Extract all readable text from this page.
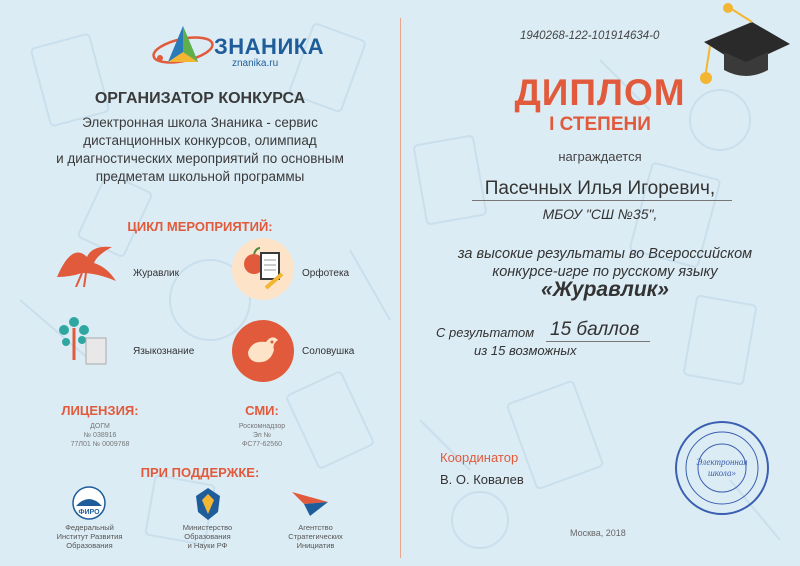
ЗНАНИКА
znanika.ru
ОРГАНИЗАТОР КОНКУРСА
Электронная школа Знаника - сервис
дистанционных конкурсов, олимпиад
и диагностических мероприятий по основным
предметам школьной программы
ЦИКЛ МЕРОПРИЯТИЙ:
Журавлик	Орфотека
Языкознание	Соловушка
ЛИЦЕНЗИЯ:
ДОГМ
№ 038916
77Л01 № 0009768
СМИ:
Роскомнадзор
Эл №
ФС77-62560
ПРИ ПОДДЕРЖКЕ:
ФИРО
Федеральный
Институт Развития
Образования
Министерство
Образования
и Науки РФ
Агентство
Стратегических
Инициатив
1940268-122-101914634-0
ДИПЛОМ
I СТЕПЕНИ
награждается
Пасечных Илья Игоревич,
МБОУ "СШ №35",
за высокие результаты во Всероссийском
конкурсе-игре по русскому языку
«Журавлик»
С результатом 15 баллов
из 15 возможных
Координатор
В. О. Ковалев
Электронная
школа»
Москва, 2018
